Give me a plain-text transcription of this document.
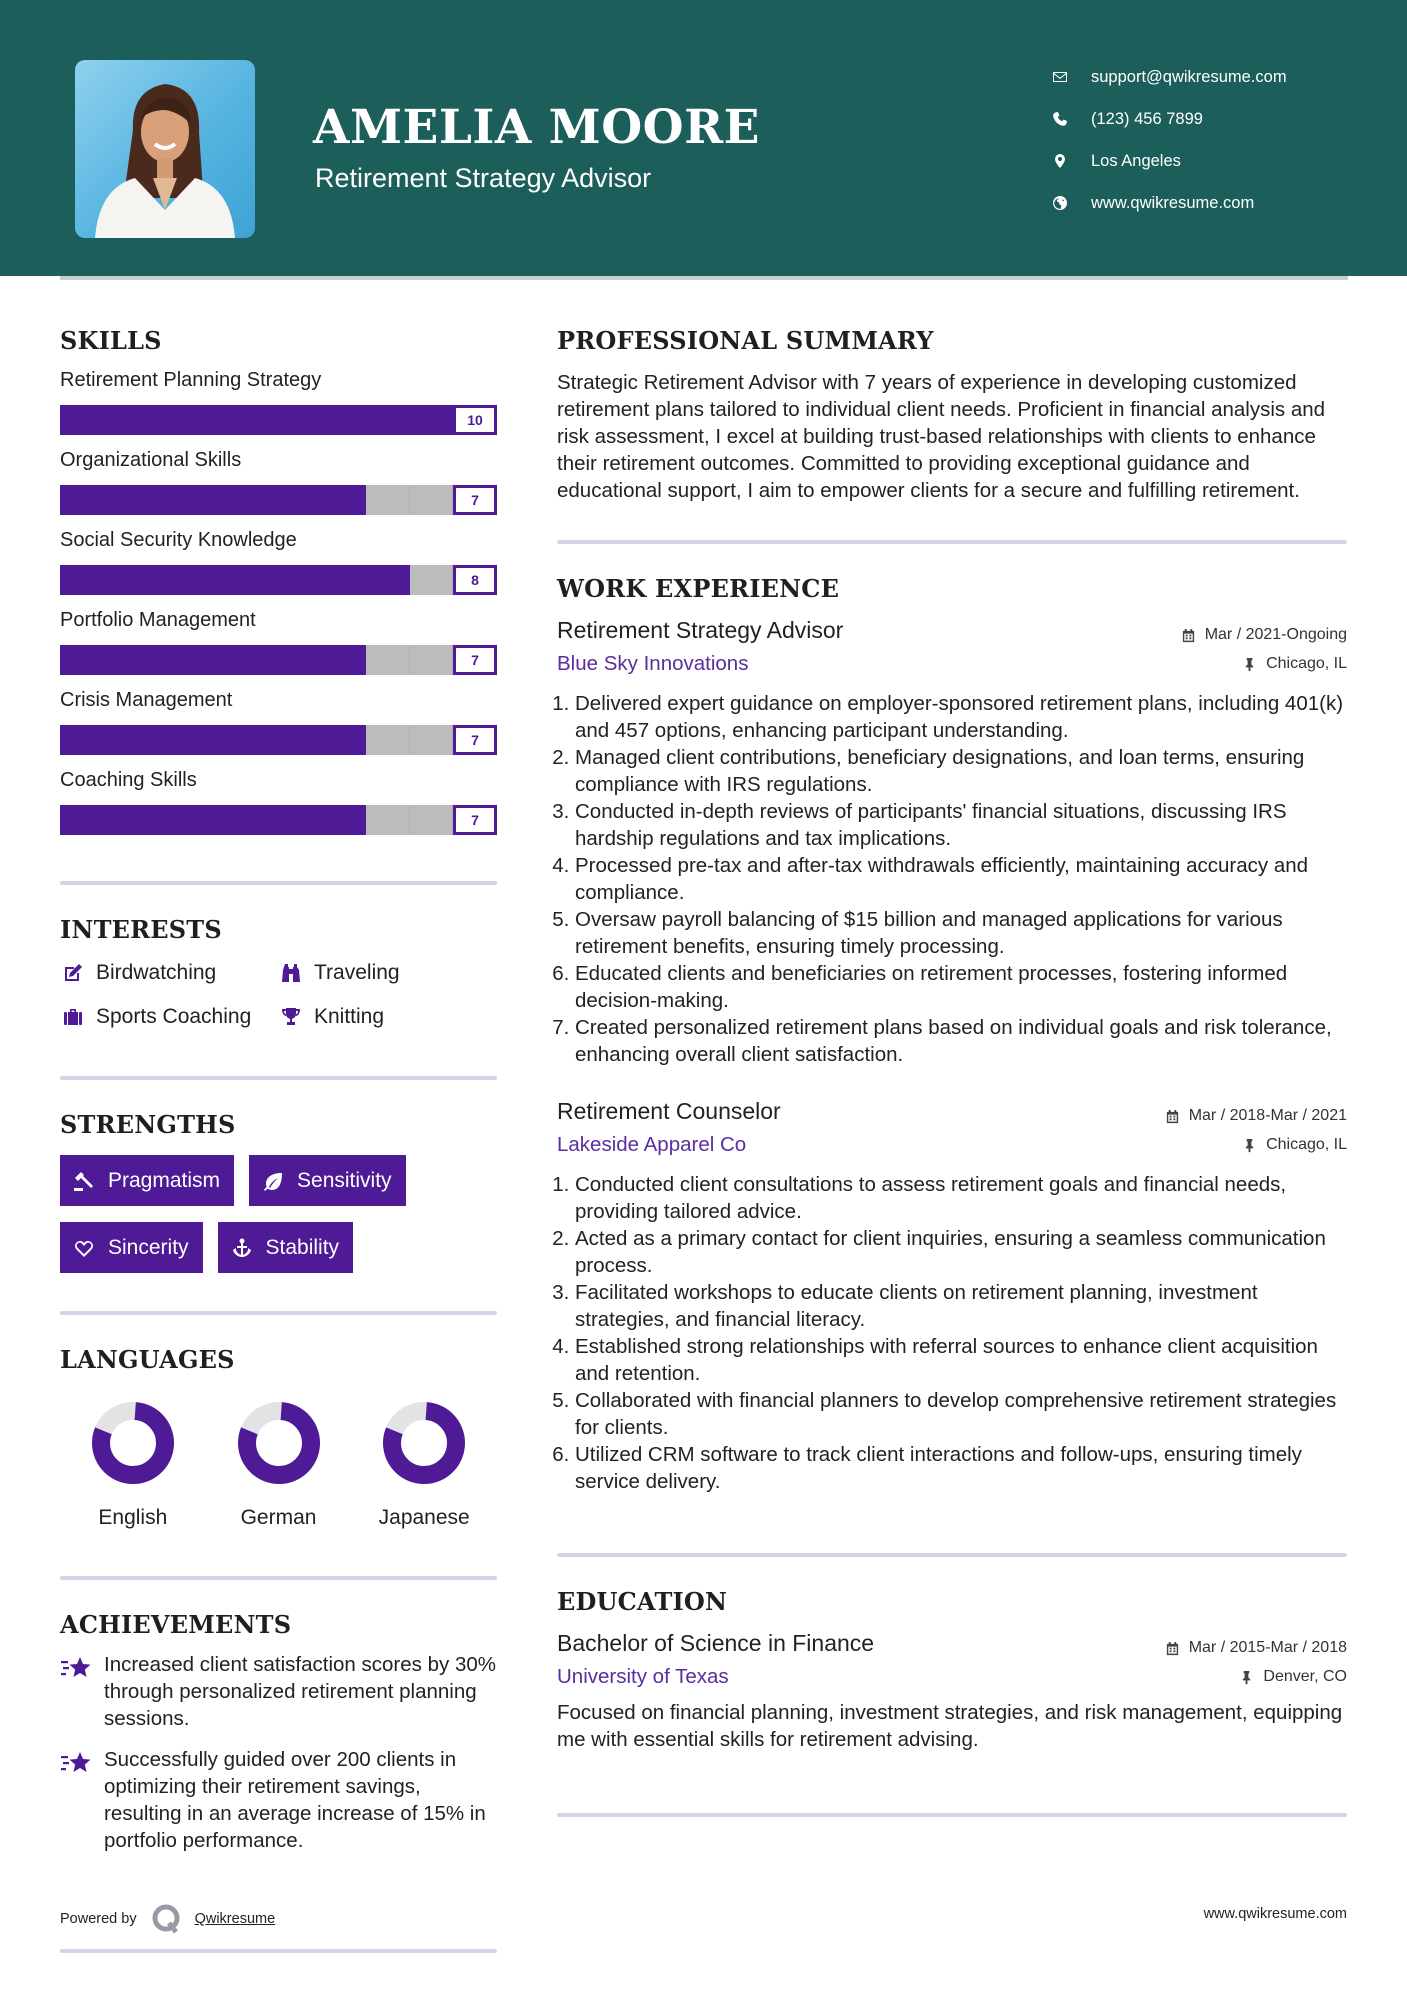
AMELIA MOORE
Retirement Strategy Advisor
support@qwikresume.com
(123) 456 7899
Los Angeles
www.qwikresume.com
SKILLS
Retirement Planning Strategy
10
Organizational Skills
7
Social Security Knowledge
8
Portfolio Management
7
Crisis Management
7
Coaching Skills
7
INTERESTS
Birdwatching	Traveling
Sports Coaching	Knitting
STRENGTHS
Pragmatism	Sensitivity
Sincerity	Stability
LANGUAGES
English	German	Japanese
ACHIEVEMENTS
Increased client satisfaction scores by 30% through personalized retirement planning sessions.
Successfully guided over 200 clients in optimizing their retirement savings, resulting in an average increase of 15% in portfolio performance.
PROFESSIONAL SUMMARY

Strategic Retirement Advisor with 7 years of experience in developing customized retirement plans tailored to individual client needs. Proficient in financial analysis and risk assessment, I excel at building trust-based relationships with clients to enhance their retirement outcomes. Committed to providing exceptional guidance and educational support, I aim to empower clients for a secure and fulfilling retirement.

WORK EXPERIENCE
Retirement Strategy Advisor	Mar / 2021-Ongoing
Blue Sky Innovations	Chicago, IL
1. Delivered expert guidance on employer-sponsored retirement plans, including 401(k) and 457 options, enhancing participant understanding.
2. Managed client contributions, beneficiary designations, and loan terms, ensuring compliance with IRS regulations.
3. Conducted in-depth reviews of participants' financial situations, discussing IRS hardship regulations and tax implications.
4. Processed pre-tax and after-tax withdrawals efficiently, maintaining accuracy and compliance.
5. Oversaw payroll balancing of $15 billion and managed applications for various retirement benefits, ensuring timely processing.
6. Educated clients and beneficiaries on retirement processes, fostering informed decision-making.
7. Created personalized retirement plans based on individual goals and risk tolerance, enhancing overall client satisfaction.
Retirement Counselor	Mar / 2018-Mar / 2021
Lakeside Apparel Co	Chicago, IL
1. Conducted client consultations to assess retirement goals and financial needs, providing tailored advice.
2. Acted as a primary contact for client inquiries, ensuring a seamless communication process.
3. Facilitated workshops to educate clients on retirement planning, investment strategies, and financial literacy.
4. Established strong relationships with referral sources to enhance client acquisition and retention.
5. Collaborated with financial planners to develop comprehensive retirement strategies for clients.
6. Utilized CRM software to track client interactions and follow-ups, ensuring timely service delivery.
EDUCATION
Bachelor of Science in Finance	Mar / 2015-Mar / 2018
University of Texas	Denver, CO

Focused on financial planning, investment strategies, and risk management, equipping me with essential skills for retirement advising.

Powered by	Qwikresume	www.qwikresume.com
